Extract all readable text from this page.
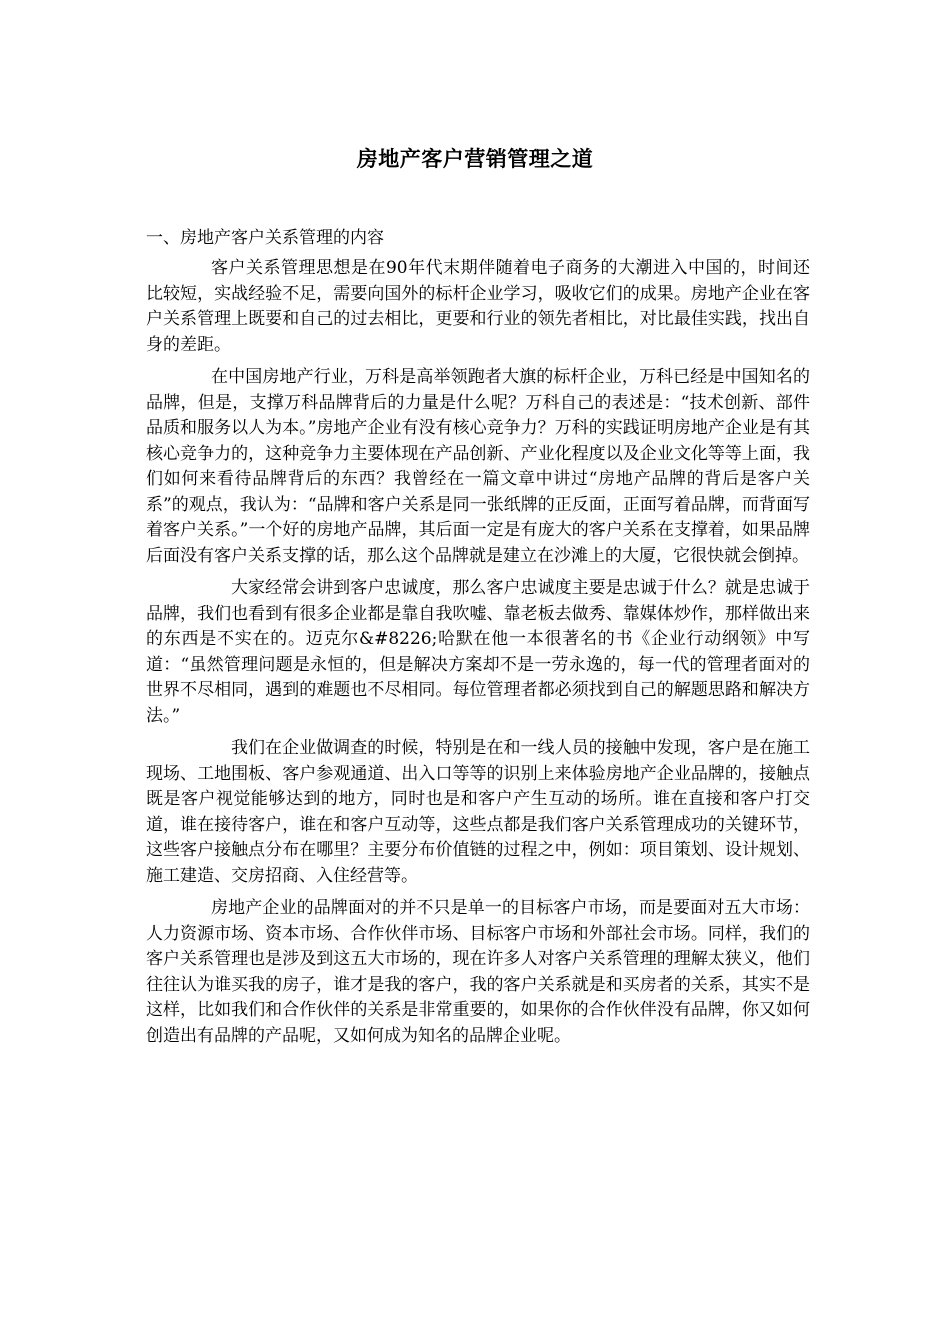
房地产客户营销管理之道
一、房地产客户关系管理的内容

客户关系管理思想是在90年代末期伴随着电子商务的大潮进入中国的，时间还比较短，实战经验不足，需要向国外的标杆企业学习，吸收它们的成果。房地产企业在客户关系管理上既要和自己的过去相比，更要和行业的领先者相比，对比最佳实践，找出自身的差距。

在中国房地产行业，万科是高举领跑者大旗的标杆企业，万科已经是中国知名的品牌，但是，支撑万科品牌背后的力量是什么呢？万科自己的表述是：“技术创新、部件品质和服务以人为本。”房地产企业有没有核心竞争力？万科的实践证明房地产企业是有其核心竞争力的，这种竞争力主要体现在产品创新、产业化程度以及企业文化等等上面，我们如何来看待品牌背后的东西？我曾经在一篇文章中讲过“房地产品牌的背后是客户关系”的观点，我认为：“品牌和客户关系是同一张纸牌的正反面，正面写着品牌，而背面写着客户关系。”一个好的房地产品牌，其后面一定是有庞大的客户关系在支撑着，如果品牌后面没有客户关系支撑的话，那么这个品牌就是建立在沙滩上的大厦，它很快就会倒掉。

大家经常会讲到客户忠诚度，那么客户忠诚度主要是忠诚于什么？就是忠诚于品牌，我们也看到有很多企业都是靠自我吹嘘、靠老板去做秀、靠媒体炒作，那样做出来的东西是不实在的。迈克尔&#8226;哈默在他一本很著名的书《企业行动纲领》中写道：“虽然管理问题是永恒的，但是解决方案却不是一劳永逸的，每一代的管理者面对的世界不尽相同，遇到的难题也不尽相同。每位管理者都必须找到自己的解题思路和解决方法。”

我们在企业做调查的时候，特别是在和一线人员的接触中发现，客户是在施工现场、工地围板、客户参观通道、出入口等等的识别上来体验房地产企业品牌的，接触点既是客户视觉能够达到的地方，同时也是和客户产生互动的场所。谁在直接和客户打交道，谁在接待客户，谁在和客户互动等，这些点都是我们客户关系管理成功的关键环节，这些客户接触点分布在哪里？主要分布价值链的过程之中，例如：项目策划、设计规划、施工建造、交房招商、入住经营等。

房地产企业的品牌面对的并不只是单一的目标客户市场，而是要面对五大市场：人力资源市场、资本市场、合作伙伴市场、目标客户市场和外部社会市场。同样，我们的客户关系管理也是涉及到这五大市场的，现在许多人对客户关系管理的理解太狭义，他们往往认为谁买我的房子，谁才是我的客户，我的客户关系就是和买房者的关系，其实不是这样，比如我们和合作伙伴的关系是非常重要的，如果你的合作伙伴没有品牌，你又如何创造出有品牌的产品呢，又如何成为知名的品牌企业呢。
